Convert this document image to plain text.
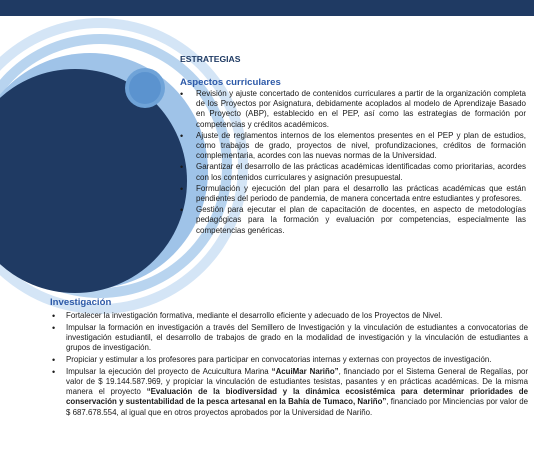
ESTRATEGIAS
Aspectos curriculares
• Revisión y ajuste concertado de contenidos curriculares a partir de la organización completa de los Proyectos por Asignatura, debidamente acoplados al modelo de Aprendizaje Basado en Proyecto (ABP), establecido en el PEP, así como las estrategias de formación por competencias y créditos académicos.
• Ajuste de reglamentos internos de los elementos presentes en el PEP y plan de estudios, como trabajos de grado, proyectos de nivel, profundizaciones, créditos de formación complementaria, acordes con las nuevas normas de la Universidad.
• Garantizar el desarrollo de las prácticas académicas identificadas como prioritarias, acordes con los contenidos curriculares y asignación presupuestal.
• Formulación y ejecución del plan para el desarrollo las prácticas académicas que están pendientes del periodo de pandemia, de manera concertada entre estudiantes y profesores.
• Gestión para ejecutar el plan de capacitación de docentes, en aspecto de metodologías pedagógicas para la formación y evaluación por competencias, especialmente las competencias genéricas.
Investigación
• Fortalecer la investigación formativa, mediante el desarrollo eficiente y adecuado de los Proyectos de Nivel.
• Impulsar la formación en investigación a través del Semillero de Investigación y la vinculación de estudiantes a convocatorias de investigación estudiantil, el desarrollo de trabajos de grado en la modalidad de investigación y la vinculación de estudiantes a grupos de investigación.
• Propiciar y estimular a los profesores para participar en convocatorias internas y externas con proyectos de investigación.
• Impulsar la ejecución del proyecto de Acuicultura Marina “AcuiMar Nariño”, financiado por el Sistema General de Regalías, por valor de $ 19.144.587.969, y propiciar la vinculación de estudiantes tesistas, pasantes y en prácticas académicas. De la misma manera el proyecto “Evaluación de la biodiversidad y la dinámica ecosistémica para determinar prioridades de conservación y sustentabilidad de la pesca artesanal en la Bahía de Tumaco, Nariño”, financiado por Minciencias por valor de $ 687.678.554, al igual que en otros proyectos aprobados por la Universidad de Nariño.
